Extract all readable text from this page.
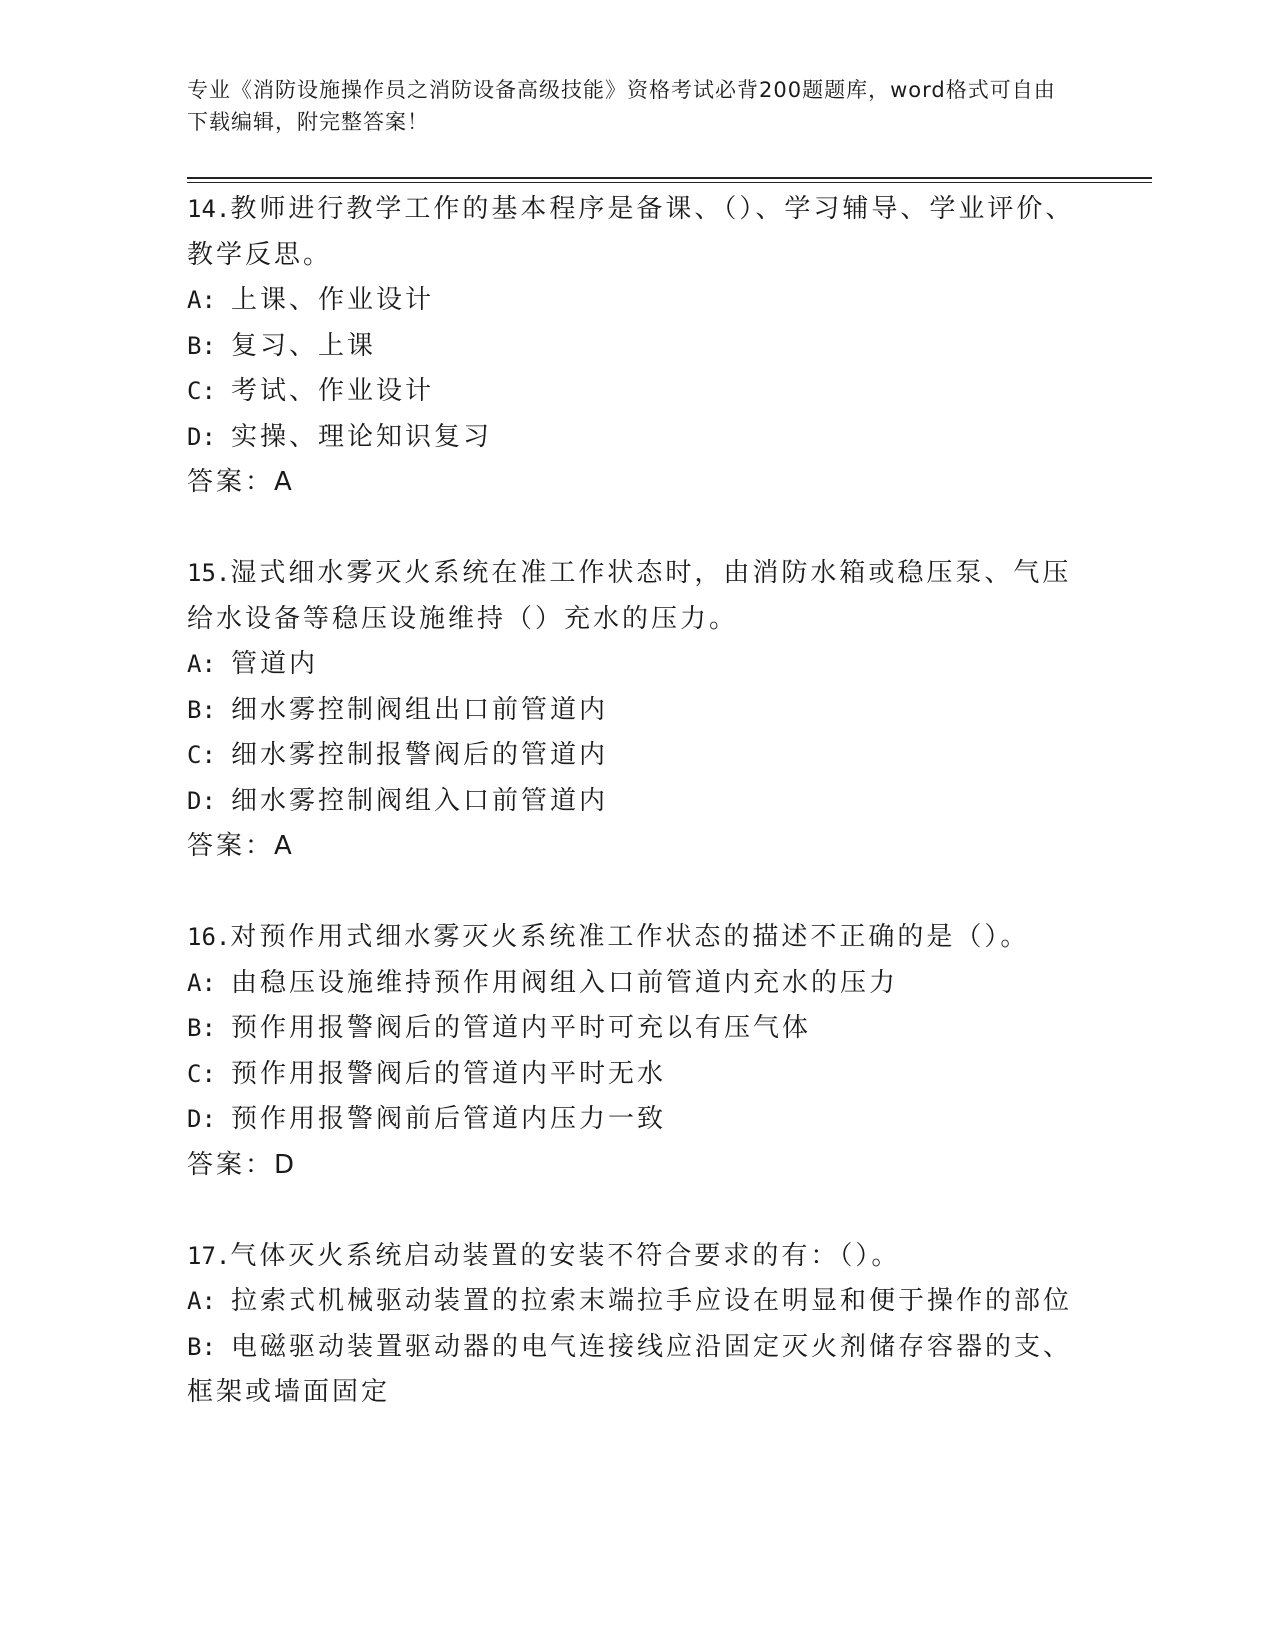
专业《消防设施操作员之消防设备高级技能》资格考试必背200题题库，word格式可自由下载编辑，附完整答案！
14.教师进行教学工作的基本程序是备课、（）、学习辅导、学业评价、教学反思。
A: 上课、作业设计
B: 复习、上课
C: 考试、作业设计
D: 实操、理论知识复习
答案：A
15.湿式细水雾灭火系统在准工作状态时，由消防水箱或稳压泵、气压给水设备等稳压设施维持（）充水的压力。
A: 管道内
B: 细水雾控制阀组出口前管道内
C: 细水雾控制报警阀后的管道内
D: 细水雾控制阀组入口前管道内
答案：A
16.对预作用式细水雾灭火系统准工作状态的描述不正确的是（）。
A: 由稳压设施维持预作用阀组入口前管道内充水的压力
B: 预作用报警阀后的管道内平时可充以有压气体
C: 预作用报警阀后的管道内平时无水
D: 预作用报警阀前后管道内压力一致
答案：D
17.气体灭火系统启动装置的安装不符合要求的有：（）。
A: 拉索式机械驱动装置的拉索末端拉手应设在明显和便于操作的部位
B: 电磁驱动装置驱动器的电气连接线应沿固定灭火剂储存容器的支、框架或墙面固定
